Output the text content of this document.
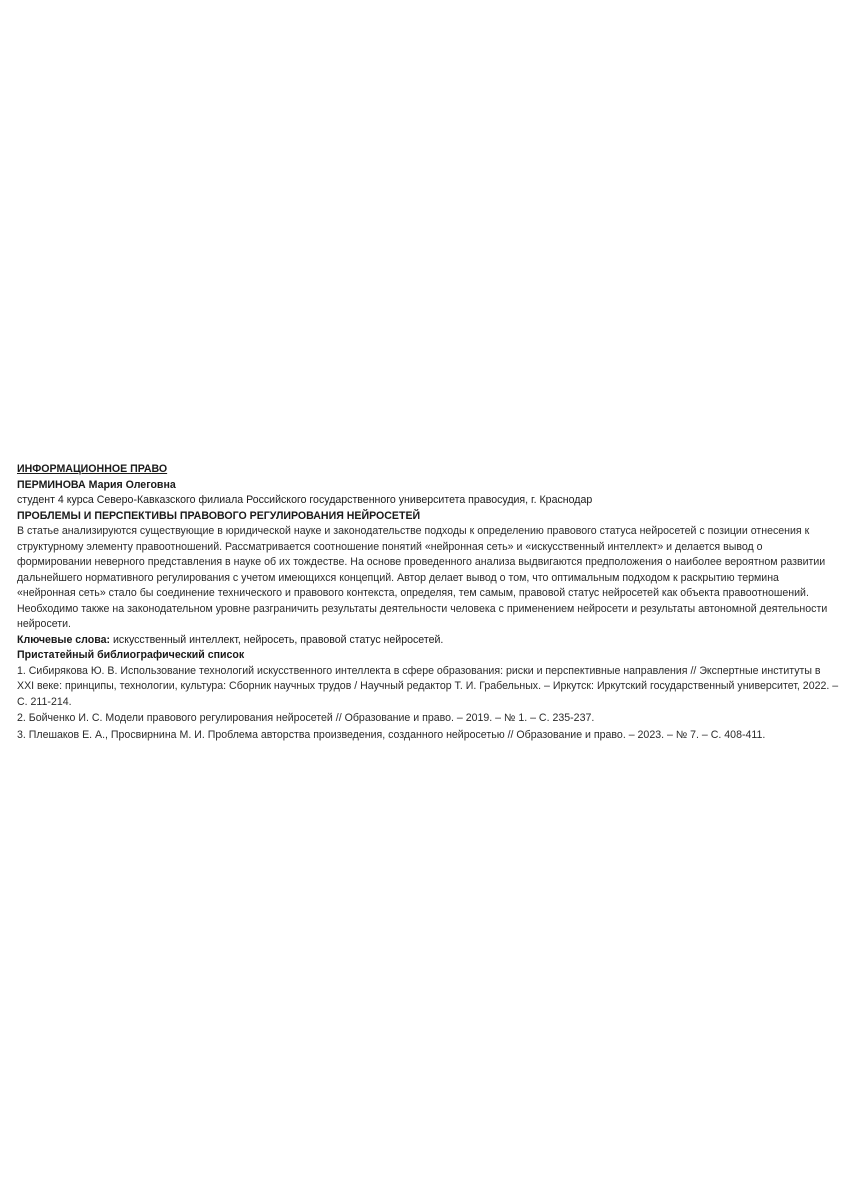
ИНФОРМАЦИОННОЕ ПРАВО

ПЕРМИНОВА Мария Олеговна

студент 4 курса Северо-Кавказского филиала Российского государственного университета правосудия, г. Краснодар

ПРОБЛЕМЫ И ПЕРСПЕКТИВЫ ПРАВОВОГО РЕГУЛИРОВАНИЯ НЕЙРОСЕТЕЙ

В статье анализируются существующие в юридической науке и законодательстве подходы к определению правового статуса нейросетей с позиции отнесения к структурному элементу правоотношений. Рассматривается соотношение понятий «нейронная сеть» и «искусственный интеллект» и делается вывод о формировании неверного представления в науке об их тождестве. На основе проведенного анализа выдвигаются предположения о наиболее вероятном развитии дальнейшего нормативного регулирования с учетом имеющихся концепций. Автор делает вывод о том, что оптимальным подходом к раскрытию термина «нейронная сеть» стало бы соединение технического и правового контекста, определяя, тем самым, правовой статус нейросетей как объекта правоотношений. Необходимо также на законодательном уровне разграничить результаты деятельности человека с применением нейросети и результаты автономной деятельности нейросети.

Ключевые слова: искусственный интеллект, нейросеть, правовой статус нейросетей.

Пристатейный библиографический список

1. Сибирякова Ю. В. Использование технологий искусственного интеллекта в сфере образования: риски и перспективные направления // Экспертные институты в XXI веке: принципы, технологии, культура: Сборник научных трудов / Научный редактор Т. И. Грабельных. – Иркутск: Иркутский государственный университет, 2022. – С. 211-214.
2. Бойченко И. С. Модели правового регулирования нейросетей // Образование и право. – 2019. – № 1. – С. 235-237.
3. Плешаков Е. А., Просвирнина М. И. Проблема авторства произведения, созданного нейросетью // Образование и право. – 2023. – № 7. – С. 408-411.
